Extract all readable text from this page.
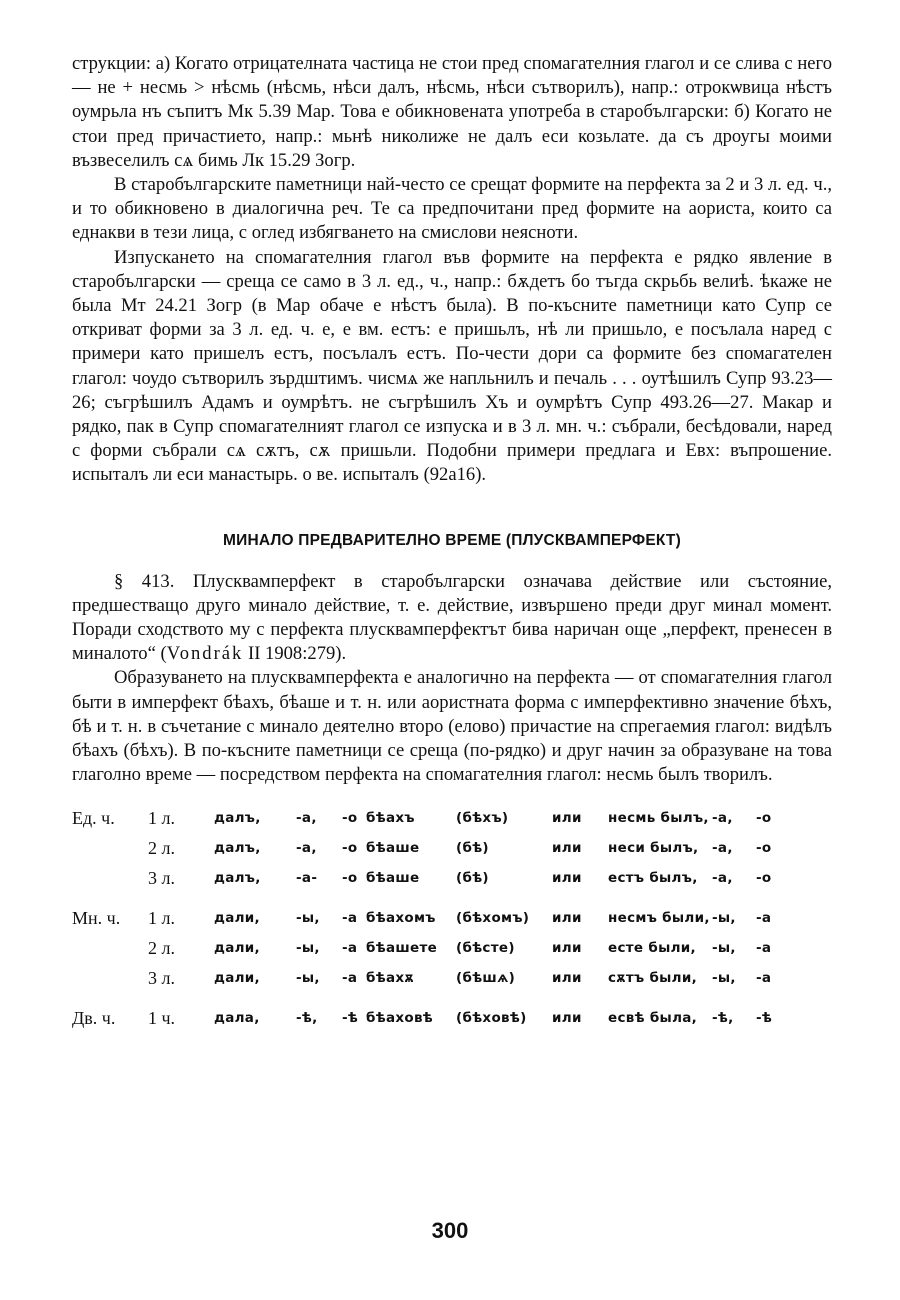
струкции: а) Когато отрицателната частица не стои пред спомагателния глагол и се слива с него — не + несмь > нѣсмь (нѣсмь, нѣси далъ, нѣсмь, нѣси сътворилъ), напр.: отрокѡвица нѣстъ оумрьла нъ съпитъ Мк 5.39 Мар. Това е обикновената употреба в старобългарски: б) Когато не стои пред причастието, напр.: мьнѣ николиже не далъ еси козьлате. да съ дроугы моими възвеселилъ сѧ бимь Лк 15.29 Зогр.

В старобългарските паметници най-често се срещат формите на перфекта за 2 и 3 л. ед. ч., и то обикновено в диалогична реч. Те са предпочитани пред формите на аориста, които са еднакви в тези лица, с оглед избягването на смислови неясноти.

Изпускането на спомагателния глагол във формите на перфекта е рядко явление в старобългарски — среща се само в 3 л. ед., ч., напр.: бѫдетъ бо тъгда скрьбь велиѣ. ѣкаже не была Мт 24.21 Зогр (в Мар обаче е нѣстъ была). В по-късните паметници като Супр се откриват форми за 3 л. ед. ч. е, е вм. естъ: е пришьлъ, нѣ ли пришьло, е посълала наред с примери като пришелъ естъ, посълалъ естъ. По-чести дори са формите без спомагателен глагол: чоудо сътворилъ зърдштимъ. чисмѧ же напльнилъ и печаль . . . оутѣшилъ Супр 93.23—26; съгрѣшилъ Адамъ и оумрѣтъ. не съгрѣшилъ Хъ и оумрѣтъ Супр 493.26—27. Макар и рядко, пак в Супр спомагателният глагол се изпуска и в 3 л. мн. ч.: събрали, бесѣдовали, наред с форми събрали сѧ сѫтъ, сѫ пришьли. Подобни примери предлага и Евх: въпрошение. испыталъ ли еси манастырь. о ве. испыталъ (92а16).

МИНАЛО ПРЕДВАРИТЕЛНО ВРЕМЕ (ПЛУСКВАМПЕРФЕКТ)

§ 413. Плусквамперфект в старобългарски означава действие или състояние, предшестващо друго минало действие, т. е. действие, извършено преди друг минал момент. Поради сходството му с перфекта плусквамперфектът бива наричан още „перфект, пренесен в миналото“ (Vondrák II 1908:279).

Образуването на плусквамперфекта е аналогично на перфекта — от спомагателния глагол быти в имперфект бѣахъ, бѣаше и т. н. или аористната форма с имперфективно значение бѣхъ, бѣ и т. н. в съчетание с минало деятелно второ (елово) причастие на спрегаемия глагол: видѣлъ бѣахъ (бѣхъ). В по-късните паметници се среща (по-рядко) и друг начин за образуване на това глаголно време — посредством перфекта на спомагателния глагол: несмь былъ творилъ.

Ед. ч.	1 л.	далъ,	-а,	-о	бѣахъ	(бѣхъ)	или	несмь былъ,	-а,	-о
	2 л.	далъ,	-а,	-о	бѣаше	(бѣ)	или	неси былъ,	-а,	-о
	3 л.	далъ,	-а-	-о	бѣаше	(бѣ)	или	естъ былъ,	-а,	-о

Мн. ч.	1 л.	дали,	-ы,	-а	бѣахомъ	(бѣхомъ)	или	несмъ были,	-ы,	-а
	2 л.	дали,	-ы,	-а	бѣашете	(бѣсте)	или	есте были,	-ы,	-а
	3 л.	дали,	-ы,	-а	бѣахѫ	(бѣшѧ)	или	сѫтъ были,	-ы,	-а

Дв. ч.	1 ч.	дала,	-ѣ,	-ѣ	бѣаховѣ	(бѣховѣ)	или	есвѣ была,	-ѣ,	-ѣ
300
